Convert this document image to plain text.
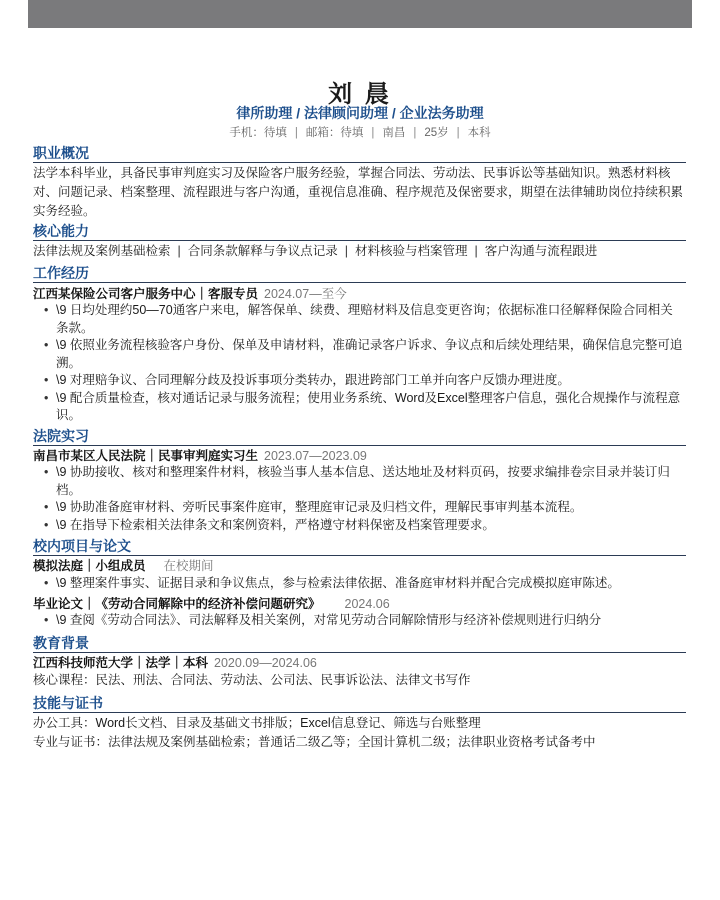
刘 晨
律所助理 / 法律顾问助理 / 企业法务助理
手机：待填 | 邮箱：待填 | 南昌 | 25岁 | 本科
职业概况
法学本科毕业，具备民事审判庭实习及保险客户服务经验，掌握合同法、劳动法、民事诉讼等基础知识。熟悉材料核对、问题记录、档案整理、流程跟进与客户沟通，重视信息准确、程序规范及保密要求，期望在法律辅助岗位持续积累实务经验。
核心能力
法律法规及案例基础检索 | 合同条款解释与争议点记录 | 材料核验与档案管理 | 客户沟通与流程跟进
工作经历
江西某保险公司客户服务中心｜客服专员 2024.07—至今
• \9 日均处理约50—70通客户来电，解答保单、续费、理赔材料及信息变更咨询；依据标准口径解释保险合同相关条款。
• \9 依照业务流程核验客户身份、保单及申请材料，准确记录客户诉求、争议点和后续处理结果，确保信息完整可追溯。
• \9 对理赔争议、合同理解分歧及投诉事项分类转办，跟进跨部门工单并向客户反馈办理进度。
• \9 配合质量检查，核对通话记录与服务流程；使用业务系统、Word及Excel整理客户信息，强化合规操作与流程意识。
法院实习
南昌市某区人民法院｜民事审判庭实习生 2023.07—2023.09
• \9 协助接收、核对和整理案件材料，核验当事人基本信息、送达地址及材料页码，按要求编排卷宗目录并装订归档。
• \9 协助准备庭审材料、旁听民事案件庭审，整理庭审记录及归档文件，理解民事审判基本流程。
• \9 在指导下检索相关法律条文和案例资料，严格遵守材料保密及档案管理要求。
校内项目与论文
模拟法庭｜小组成员 在校期间
• \9 整理案件事实、证据目录和争议焦点，参与检索法律依据、准备庭审材料并配合完成模拟庭审陈述。
毕业论文｜《劳动合同解除中的经济补偿问题研究》 2024.06
• \9 查阅《劳动合同法》、司法解释及相关案例，对常见劳动合同解除情形与经济补偿规则进行归纳分
教育背景
江西科技师范大学｜法学｜本科 2020.09—2024.06
核心课程：民法、刑法、合同法、劳动法、公司法、民事诉讼法、法律文书写作
技能与证书
办公工具：Word长文档、目录及基础文书排版；Excel信息登记、筛选与台账整理
专业与证书：法律法规及案例基础检索；普通话二级乙等；全国计算机二级；法律职业资格考试备考中
